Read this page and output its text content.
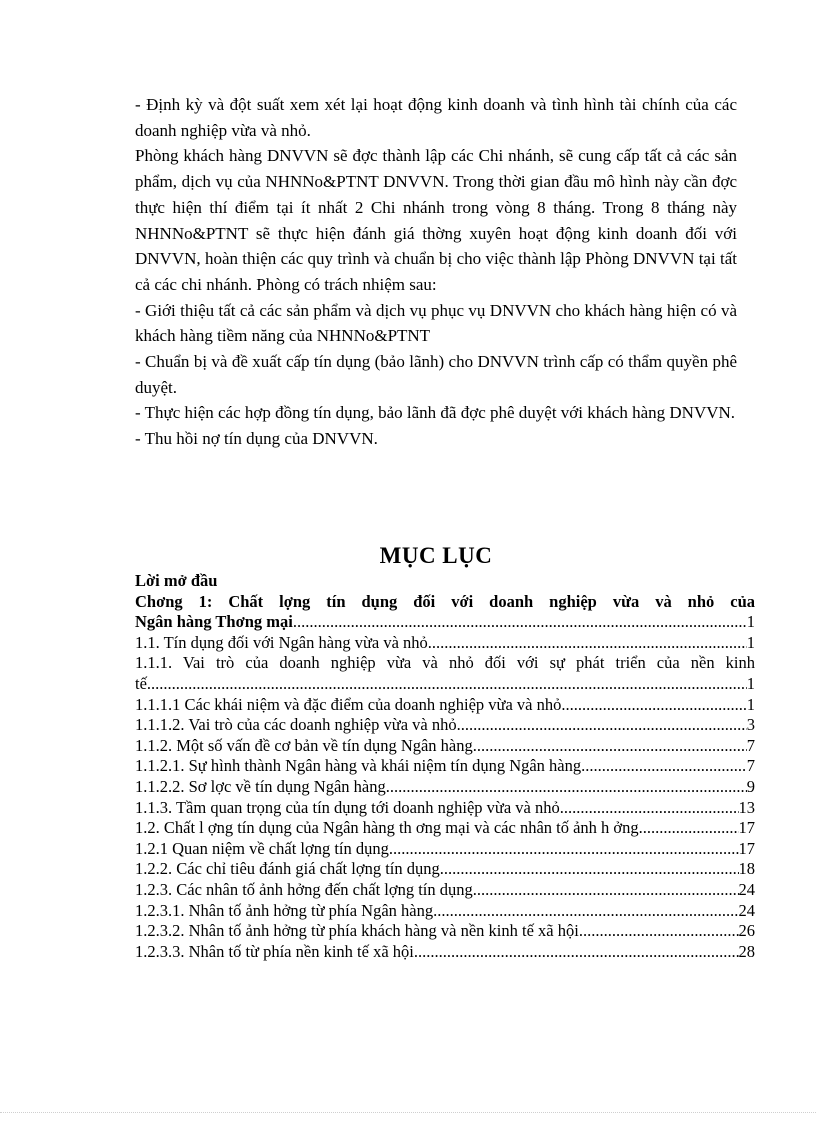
- Định kỳ và đột suất xem xét lại hoạt động kinh doanh và tình hình tài chính của các doanh nghiệp vừa và nhỏ.

Phòng khách hàng DNVVN sẽ đợc thành lập các Chi nhánh, sẽ cung cấp tất cả các sản phẩm, dịch vụ của NHNNo&PTNT DNVVN. Trong thời gian đầu mô hình này cần đợc thực hiện thí điểm tại ít nhất 2 Chi nhánh trong vòng 8 tháng. Trong 8 tháng này NHNNo&PTNT sẽ thực hiện đánh giá thờng xuyên hoạt động kinh doanh đối với DNVVN, hoàn thiện các quy trình và chuẩn bị cho việc thành lập Phòng DNVVN tại tất cả các chi nhánh. Phòng có trách nhiệm sau:

- Giới thiệu tất cả các sản phẩm và dịch vụ phục vụ DNVVN cho khách hàng hiện có và khách hàng tiềm năng của NHNNo&PTNT

- Chuẩn bị và đề xuất cấp tín dụng (bảo lãnh) cho DNVVN trình cấp có thẩm quyền phê duyệt.

- Thực hiện các hợp đồng tín dụng, bảo lãnh đã đợc phê duyệt với khách hàng DNVVN.

- Thu hồi nợ tín dụng của DNVVN.

MỤC LỤC
Lời mở đầu
Chơng 1: Chất lợng tín dụng đối với doanh nghiệp vừa và nhỏ của
Ngân hàng Thơng mại .....	1
1.1. Tín dụng đối với Ngân hàng vừa và nhỏ .....	1
1.1.1. Vai trò của doanh nghiệp vừa và nhỏ đối với sự phát triển của nền kinh
tế .....	1
1.1.1.1 Các khái niệm và đặc điểm của doanh nghiệp vừa và nhỏ .....	1
1.1.1.2. Vai trò của các doanh nghiệp vừa và nhỏ .....	3
1.1.2. Một số vấn đề cơ bản về tín dụng Ngân hàng .....	7
1.1.2.1. Sự hình thành Ngân hàng và khái niệm tín dụng Ngân hàng .....	7
1.1.2.2. Sơ lợc về tín dụng Ngân hàng .....	9
1.1.3. Tầm quan trọng của tín dụng tới doanh nghiệp vừa và nhỏ .....	13
1.2. Chất l ợng tín dụng của Ngân hàng th ơng mại và các nhân tố ảnh h ởng .....	17
1.2.1 Quan niệm về chất lợng tín dụng .....	17
1.2.2. Các chỉ tiêu đánh giá chất lợng tín dụng .....	18
1.2.3. Các nhân tố ảnh hởng đến chất lợng tín dụng .....	24
1.2.3.1. Nhân tố ảnh hởng từ phía Ngân hàng .....	24
1.2.3.2. Nhân tố ảnh hởng từ phía khách hàng và nền kinh tế xã hội .....	26
1.2.3.3. Nhân tố từ phía nền kinh tế xã hội .....	28
